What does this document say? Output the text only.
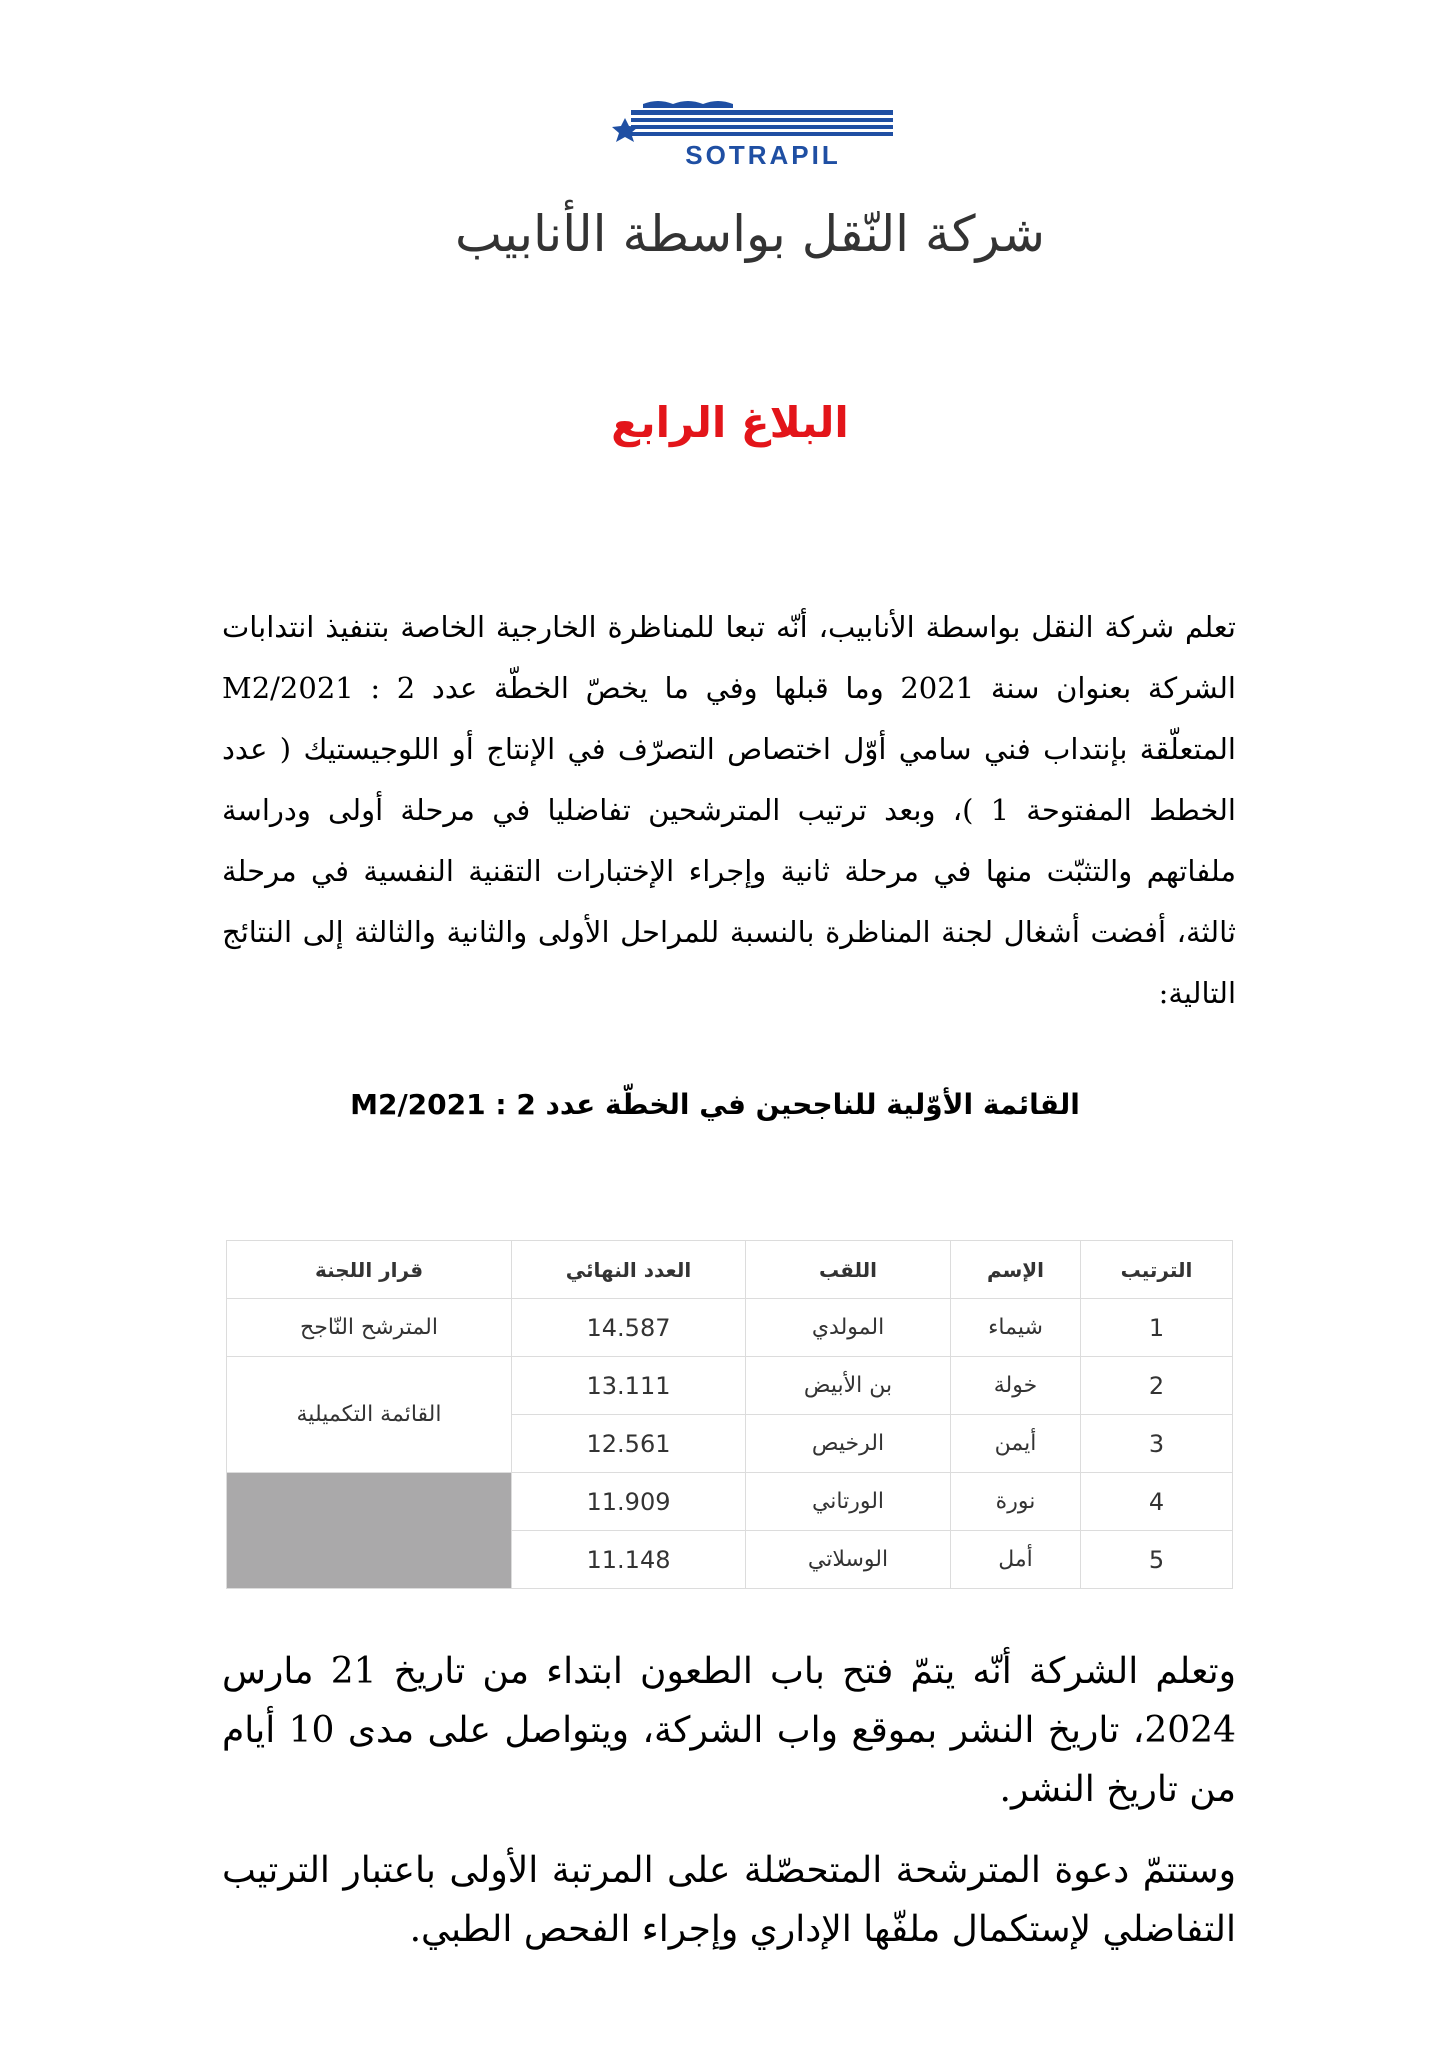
SOTRAPIL
شركة النّقل بواسطة الأنابيب
البلاغ الرابع
تعلم شركة النقل بواسطة الأنابيب، أنّه تبعا للمناظرة الخارجية الخاصة بتنفيذ انتدابات الشركة بعنوان سنة 2021 وما قبلها وفي ما يخصّ الخطّة عدد 2 : M2/2021 المتعلّقة بإنتداب فني سامي أوّل اختصاص التصرّف في الإنتاج أو اللوجيستيك ( عدد الخطط المفتوحة 1 )، وبعد ترتيب المترشحين تفاضليا في مرحلة أولى ودراسة ملفاتهم والتثبّت منها في مرحلة ثانية وإجراء الإختبارات التقنية النفسية في مرحلة ثالثة، أفضت أشغال لجنة المناظرة بالنسبة للمراحل الأولى والثانية والثالثة إلى النتائج التالية:
القائمة الأوّلية للناجحين في الخطّة عدد 2 : M2/2021
الترتيب	الإسم	اللقب	العدد النهائي	قرار اللجنة
1	شيماء	المولدي	14.587	المترشح النّاجح
2	خولة	بن الأبيض	13.111	القائمة التكميلية
3	أيمن	الرخيص	12.561	
4	نورة	الورتاني	11.909	
5	أمل	الوسلاتي	11.148	

وتعلم الشركة أنّه يتمّ فتح باب الطعون ابتداء من تاريخ 21 مارس 2024، تاريخ النشر بموقع واب الشركة، ويتواصل على مدى 10 أيام من تاريخ النشر.

وستتمّ دعوة المترشحة المتحصّلة على المرتبة الأولى باعتبار الترتيب التفاضلي لإستكمال ملفّها الإداري وإجراء الفحص الطبي.
